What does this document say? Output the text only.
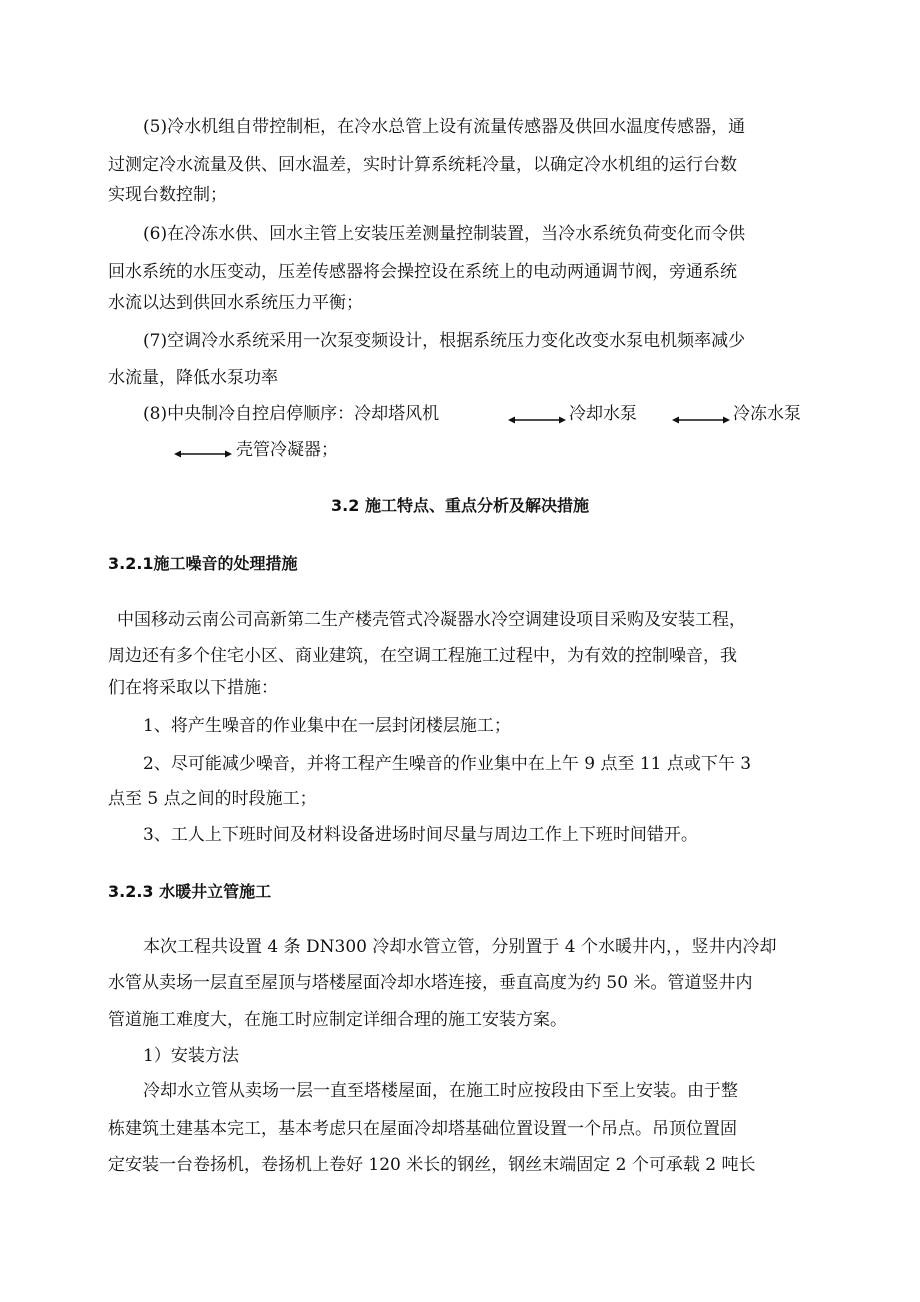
(5)冷水机组自带控制柜，在冷水总管上设有流量传感器及供回水温度传感器，通
过测定冷水流量及供、回水温差，实时计算系统耗冷量，以确定冷水机组的运行台数
实现台数控制；
(6)在冷冻水供、回水主管上安装压差测量控制装置，当冷水系统负荷变化而令供
回水系统的水压变动，压差传感器将会操控设在系统上的电动两通调节阀，旁通系统
水流以达到供回水系统压力平衡；
(7)空调冷水系统采用一次泵变频设计，根据系统压力变化改变水泵电机频率减少
水流量，降低水泵功率
(8)中央制冷自控启停顺序：冷却塔风机	冷却水泵	冷冻水泵
壳管冷凝器；
3.2 施工特点、重点分析及解决措施
3.2.1施工噪音的处理措施
中国移动云南公司高新第二生产楼壳管式冷凝器水冷空调建设项目采购及安装工程，
周边还有多个住宅小区、商业建筑，在空调工程施工过程中，为有效的控制噪音，我
们在将采取以下措施：
1、将产生噪音的作业集中在一层封闭楼层施工；
2、尽可能减少噪音，并将工程产生噪音的作业集中在上午 9 点至 11 点或下午 3
点至 5 点之间的时段施工；
3、工人上下班时间及材料设备进场时间尽量与周边工作上下班时间错开。
3.2.3 水暖井立管施工
本次工程共设置 4 条 DN300 冷却水管立管，分别置于 4 个水暖井内，，竖井内冷却
水管从卖场一层直至屋顶与塔楼屋面冷却水塔连接，垂直高度为约 50 米。管道竖井内
管道施工难度大，在施工时应制定详细合理的施工安装方案。
1）安装方法
冷却水立管从卖场一层一直至塔楼屋面，在施工时应按段由下至上安装。由于整
栋建筑土建基本完工，基本考虑只在屋面冷却塔基础位置设置一个吊点。吊顶位置固
定安装一台卷扬机，卷扬机上卷好 120 米长的钢丝，钢丝末端固定 2 个可承载 2 吨长
